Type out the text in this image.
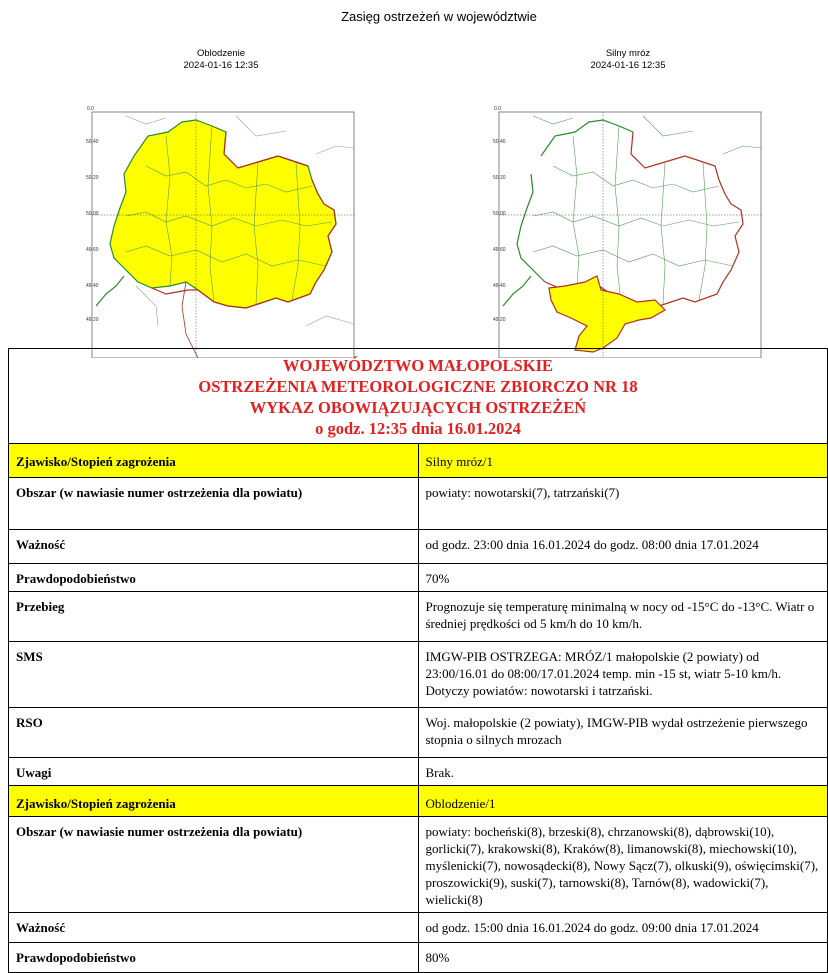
Zasięg ostrzeżeń w województwie
Oblodzenie
2024-01-16 12:35
0.0
50.40
50.20
50.00
49.60
49.40
49.20
Silny mróz
2024-01-16 12:35
0.0
50.40
50.20
50.00
49.60
49.40
49.20
WOJEWÓDZTWO MAŁOPOLSKIE
OSTRZEŻENIA METEOROLOGICZNE ZBIORCZO NR 18
WYKAZ OBOWIĄZUJĄCYCH OSTRZEŻEŃ
o godz. 12:35 dnia 16.01.2024	

Zjawisko/Stopień zagrożenia	Silny mróz/1
Obszar (w nawiasie numer ostrzeżenia dla powiatu)	powiaty: nowotarski(7), tatrzański(7)
Ważność	od godz. 23:00 dnia 16.01.2024 do godz. 08:00 dnia 17.01.2024
Prawdopodobieństwo	70%
Przebieg	Prognozuje się temperaturę minimalną w nocy od -15°C do -13°C. Wiatr o średniej prędkości od 5 km/h do 10 km/h.
SMS	IMGW-PIB OSTRZEGA: MRÓZ/1 małopolskie (2 powiaty) od 23:00/16.01 do 08:00/17.01.2024 temp. min -15 st, wiatr 5-10 km/h. Dotyczy powiatów: nowotarski i tatrzański.
RSO	Woj. małopolskie (2 powiaty), IMGW-PIB wydał ostrzeżenie pierwszego stopnia o silnych mrozach
Uwagi	Brak.
Zjawisko/Stopień zagrożenia	Oblodzenie/1
Obszar (w nawiasie numer ostrzeżenia dla powiatu)	powiaty: bocheński(8), brzeski(8), chrzanowski(8), dąbrowski(10), gorlicki(7), krakowski(8), Kraków(8), limanowski(8), miechowski(10), myślenicki(7), nowosądecki(8), Nowy Sącz(7), olkuski(9), oświęcimski(7), proszowicki(9), suski(7), tarnowski(8), Tarnów(8), wadowicki(7), wielicki(8)
Ważność	od godz. 15:00 dnia 16.01.2024 do godz. 09:00 dnia 17.01.2024
Prawdopodobieństwo	80%
